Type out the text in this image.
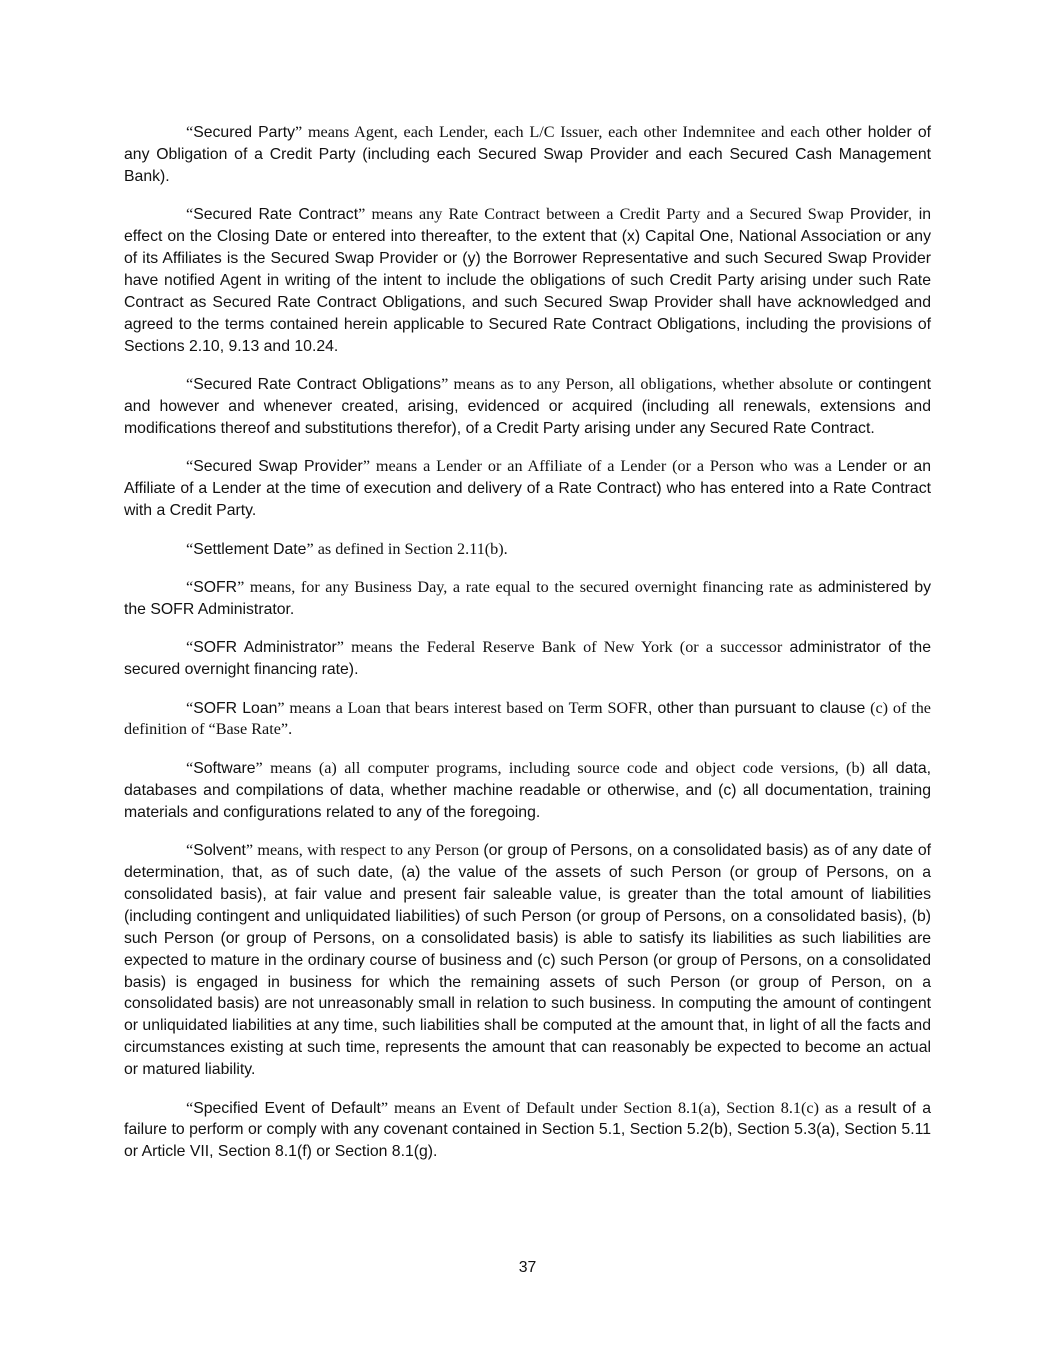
“Secured Party” means Agent, each Lender, each L/C Issuer, each other Indemnitee and each other holder of any Obligation of a Credit Party (including each Secured Swap Provider and each Secured Cash Management Bank).

“Secured Rate Contract” means any Rate Contract between a Credit Party and a Secured Swap Provider, in effect on the Closing Date or entered into thereafter, to the extent that (x) Capital One, National Association or any of its Affiliates is the Secured Swap Provider or (y) the Borrower Representative and such Secured Swap Provider have notified Agent in writing of the intent to include the obligations of such Credit Party arising under such Rate Contract as Secured Rate Contract Obligations, and such Secured Swap Provider shall have acknowledged and agreed to the terms contained herein applicable to Secured Rate Contract Obligations, including the provisions of Sections 2.10, 9.13 and 10.24.

“Secured Rate Contract Obligations” means as to any Person, all obligations, whether absolute or contingent and however and whenever created, arising, evidenced or acquired (including all renewals, extensions and modifications thereof and substitutions therefor), of a Credit Party arising under any Secured Rate Contract.

“Secured Swap Provider” means a Lender or an Affiliate of a Lender (or a Person who was a Lender or an Affiliate of a Lender at the time of execution and delivery of a Rate Contract) who has entered into a Rate Contract with a Credit Party.

“Settlement Date” as defined in Section 2.11(b).

“SOFR” means, for any Business Day, a rate equal to the secured overnight financing rate as administered by the SOFR Administrator.

“SOFR Administrator” means the Federal Reserve Bank of New York (or a successor administrator of the secured overnight financing rate).

“SOFR Loan” means a Loan that bears interest based on Term SOFR, other than pursuant to clause (c) of the definition of “Base Rate”.

“Software” means (a) all computer programs, including source code and object code versions, (b) all data, databases and compilations of data, whether machine readable or otherwise, and (c) all documentation, training materials and configurations related to any of the foregoing.

“Solvent” means, with respect to any Person (or group of Persons, on a consolidated basis) as of any date of determination, that, as of such date, (a) the value of the assets of such Person (or group of Persons, on a consolidated basis), at fair value and present fair saleable value, is greater than the total amount of liabilities (including contingent and unliquidated liabilities) of such Person (or group of Persons, on a consolidated basis), (b) such Person (or group of Persons, on a consolidated basis) is able to satisfy its liabilities as such liabilities are expected to mature in the ordinary course of business and (c) such Person (or group of Persons, on a consolidated basis) is engaged in business for which the remaining assets of such Person (or group of Person, on a consolidated basis) are not unreasonably small in relation to such business. In computing the amount of contingent or unliquidated liabilities at any time, such liabilities shall be computed at the amount that, in light of all the facts and circumstances existing at such time, represents the amount that can reasonably be expected to become an actual or matured liability.

“Specified Event of Default” means an Event of Default under Section 8.1(a), Section 8.1(c) as a result of a failure to perform or comply with any covenant contained in Section 5.1, Section 5.2(b), Section 5.3(a), Section 5.11 or Article VII, Section 8.1(f) or Section 8.1(g).

37
